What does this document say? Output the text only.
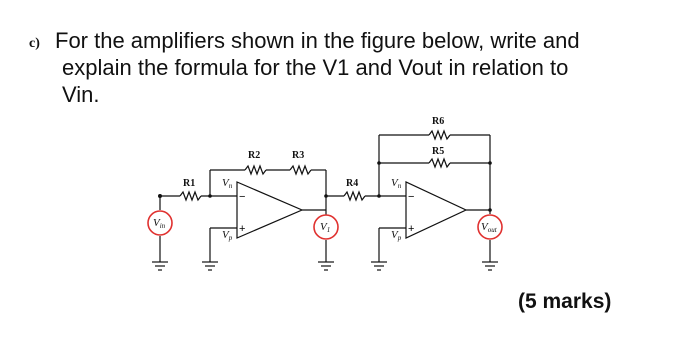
c) For the amplifiers shown in the figure below, write and
explain the formula for the V1 and Vout in relation to
Vin.
R1
R2	R3
R4
R5
R6
−
+
−
+
Vn
Vp
Vn
Vp
Vin	V1	Vout
(5 marks)
